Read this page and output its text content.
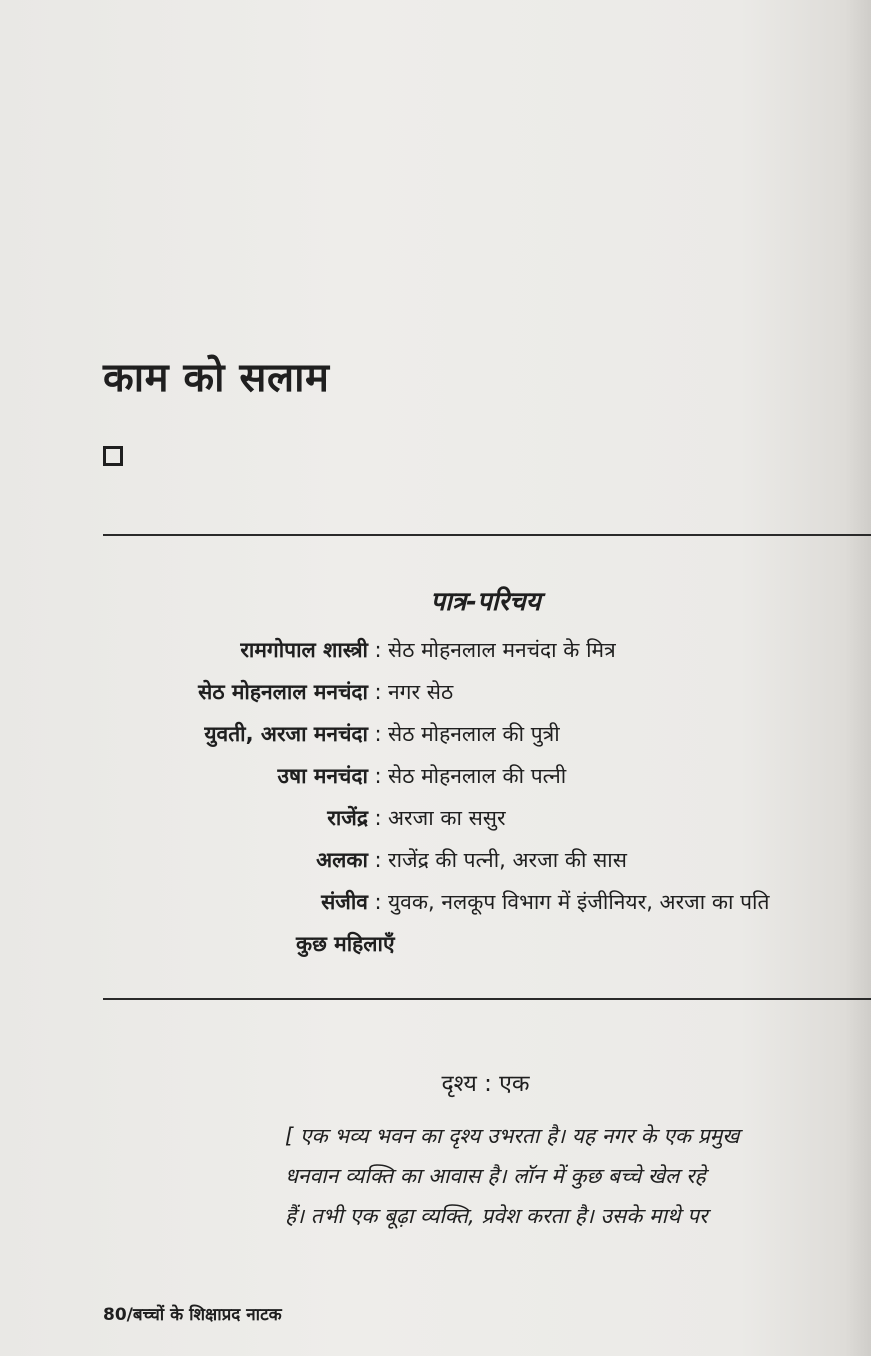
काम को सलाम
पात्र-परिचय
रामगोपाल शास्त्री : सेठ मोहनलाल मनचंदा के मित्र
सेठ मोहनलाल मनचंदा : नगर सेठ
युवती, अरजा मनचंदा : सेठ मोहनलाल की पुत्री
उषा मनचंदा : सेठ मोहनलाल की पत्नी
राजेंद्र : अरजा का ससुर
अलका : राजेंद्र की पत्नी, अरजा की सास
संजीव : युवक, नलकूप विभाग में इंजीनियर, अरजा का पति
कुछ महिलाएँ
दृश्य : एक
[ एक भव्य भवन का दृश्य उभरता है। यह नगर के एक प्रमुख
धनवान व्यक्ति का आवास है। लॉन में कुछ बच्चे खेल रहे
हैं। तभी एक बूढ़ा व्यक्ति, प्रवेश करता है। उसके माथे पर
80/बच्चों के शिक्षाप्रद नाटक
